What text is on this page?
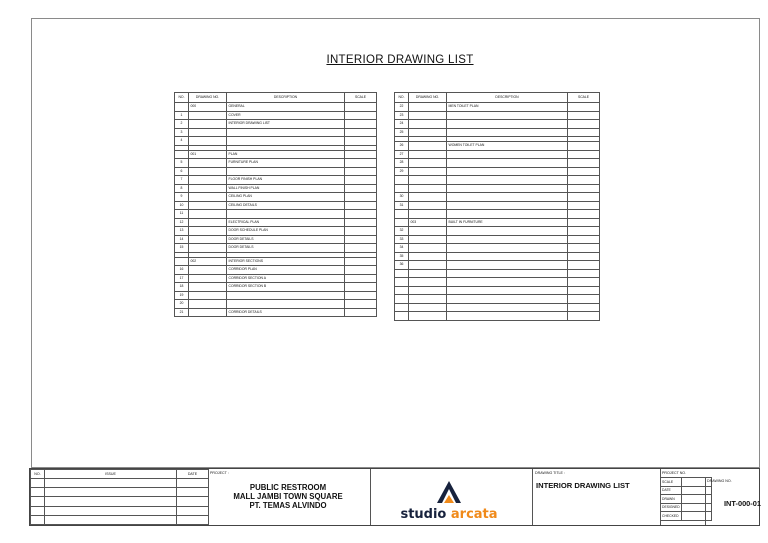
INTERIOR DRAWING LIST
NO.	DRAWING NO.	DESCRIPTION	SCALE
	000	GENERAL	
1		COVER	
2		INTERIOR DRAWING LIST	
3			
4			

	001	PLAN	
5		FURNITURE PLAN	
6			
7		FLOOR FINISH PLAN	
8		WALL FINISH PLAN	
9		CEILING PLAN	
10		CEILING DETAILS	
11			
12		ELECTRICAL PLAN	
13		DOOR SCHEDULE PLAN	
14		DOOR DETAILS	
15		DOOR DETAILS	

	002	INTERIOR SECTIONS	
16		CORRIDOR PLAN	
17		CORRIDOR SECTION A	
18		CORRIDOR SECTION B	
19			
20			
21		CORRIDOR DETAILS	
NO.	DRAWING NO.	DESCRIPTION	SCALE
22		MEN TOILET PLAN	
23			
24			
25			

26		WOMEN TOILET PLAN	
27			
28			
29			

30			
31			

	003	BUILT IN FURNITURE	
32			
33			
34			
35			
36			

NO.	ISSUE	DATE

			PROJECT :
PUBLIC RESTROOM
MALL JAMBI TOWN SQUARE
PT. TEMAS ALVINDO
studio arcata
DRAWING TITLE :
INTERIOR DRAWING LIST
PROJECT NO.
SCALE	
DATE	
DRAWN	
DESIGNED	
CHECKED	
DRAWING NO.
INT-000-01
